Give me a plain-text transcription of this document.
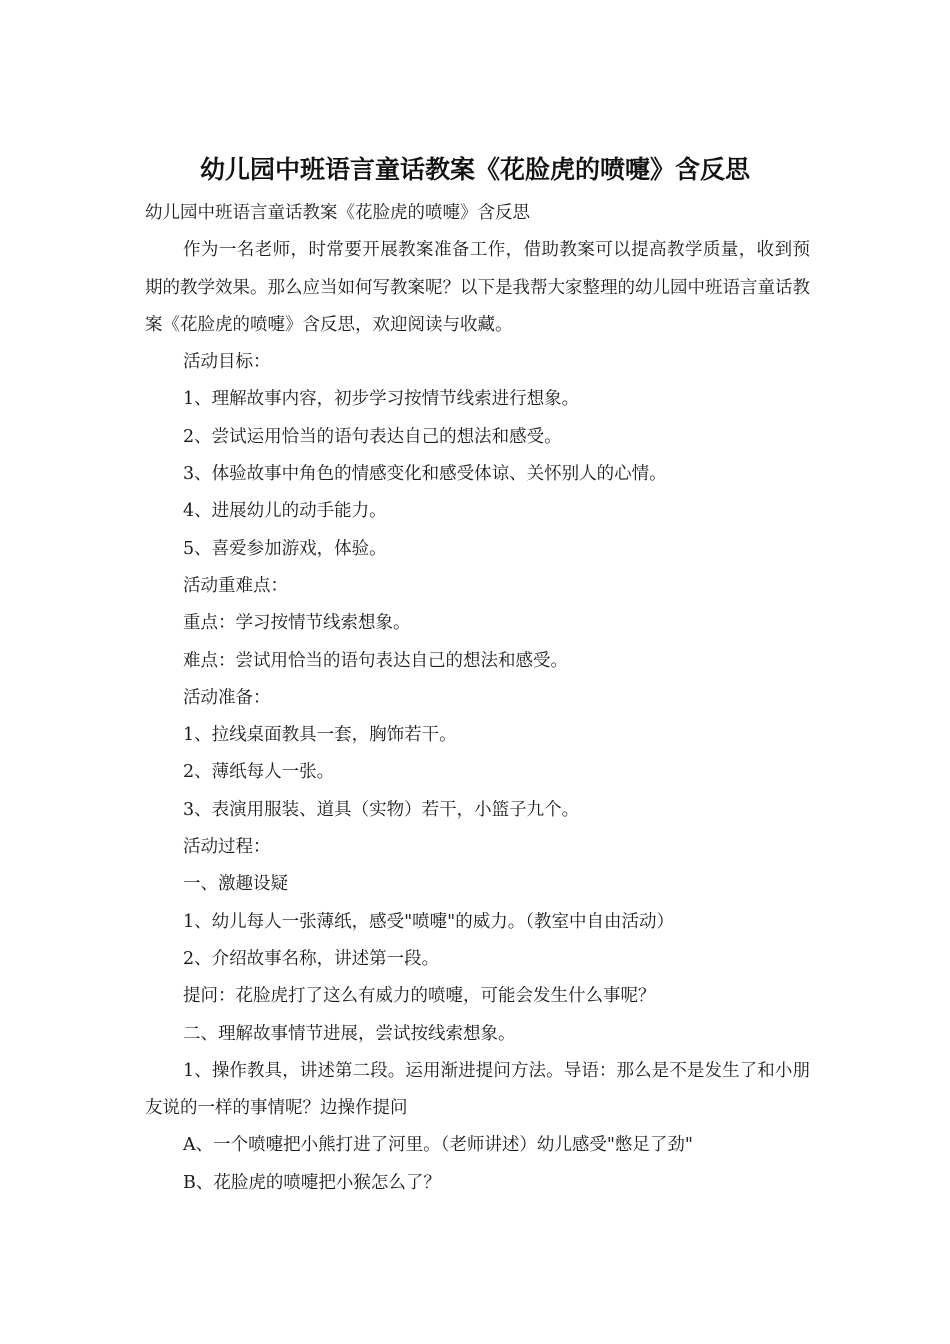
幼儿园中班语言童话教案《花脸虎的喷嚏》含反思

幼儿园中班语言童话教案《花脸虎的喷嚏》含反思

作为一名老师，时常要开展教案准备工作，借助教案可以提高教学质量，收到预期的教学效果。那么应当如何写教案呢？以下是我帮大家整理的幼儿园中班语言童话教案《花脸虎的喷嚏》含反思，欢迎阅读与收藏。

活动目标：

1、理解故事内容，初步学习按情节线索进行想象。

2、尝试运用恰当的语句表达自己的想法和感受。

3、体验故事中角色的情感变化和感受体谅、关怀别人的心情。

4、进展幼儿的动手能力。

5、喜爱参加游戏，体验。

活动重难点：

重点：学习按情节线索想象。

难点：尝试用恰当的语句表达自己的想法和感受。

活动准备：

1、拉线桌面教具一套，胸饰若干。

2、薄纸每人一张。

3、表演用服装、道具（实物）若干，小篮子九个。

活动过程：

一、激趣设疑

1、幼儿每人一张薄纸，感受"喷嚏"的威力。（教室中自由活动）

2、介绍故事名称，讲述第一段。

提问：花脸虎打了这么有威力的喷嚏，可能会发生什么事呢？

二、理解故事情节进展，尝试按线索想象。

1、操作教具，讲述第二段。运用渐进提问方法。导语：那么是不是发生了和小朋友说的一样的事情呢？边操作提问

A、一个喷嚏把小熊打进了河里。（老师讲述）幼儿感受"憋足了劲"

B、花脸虎的喷嚏把小猴怎么了？
